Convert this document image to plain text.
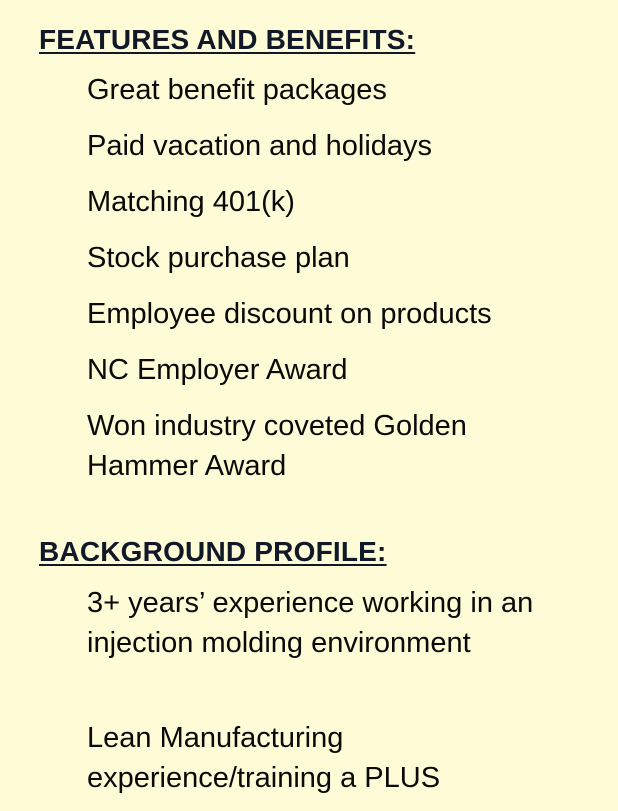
FEATURES AND BENEFITS:

Great benefit packages

Paid vacation and holidays

Matching 401(k)

Stock purchase plan

Employee discount on products

NC Employer Award

Won industry coveted Golden Hammer Award

BACKGROUND PROFILE:

3+ years’ experience working in an injection molding environment

Lean Manufacturing experience/training a PLUS
